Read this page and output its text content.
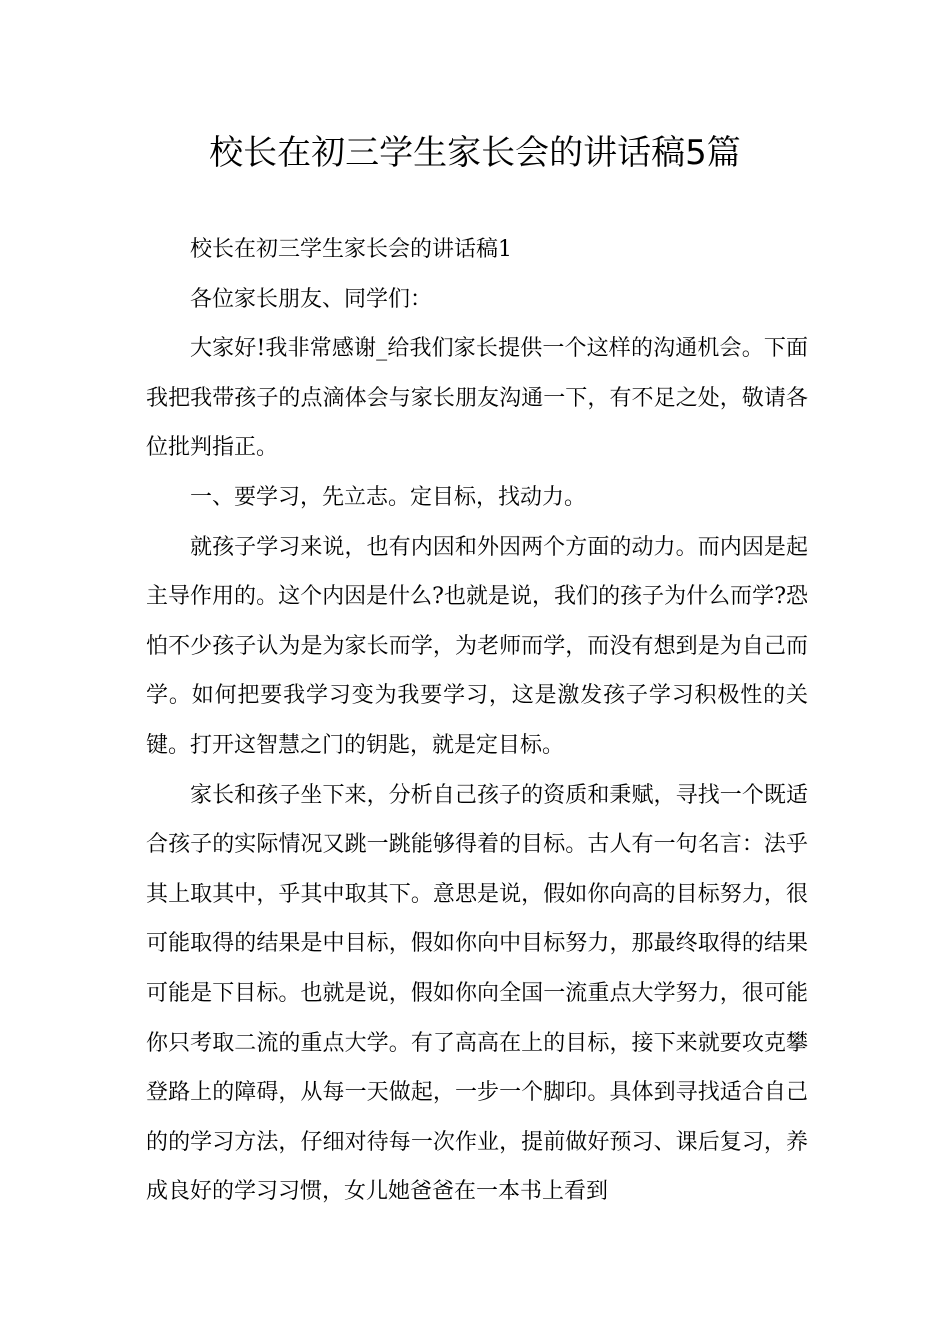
校长在初三学生家长会的讲话稿5篇

校长在初三学生家长会的讲话稿1

各位家长朋友、同学们：

大家好!我非常感谢_给我们家长提供一个这样的沟通机会。下面我把我带孩子的点滴体会与家长朋友沟通一下，有不足之处，敬请各位批判指正。

一、要学习，先立志。定目标，找动力。

就孩子学习来说，也有内因和外因两个方面的动力。而内因是起主导作用的。这个内因是什么?也就是说，我们的孩子为什么而学?恐怕不少孩子认为是为家长而学，为老师而学，而没有想到是为自己而学。如何把要我学习变为我要学习，这是激发孩子学习积极性的关键。打开这智慧之门的钥匙，就是定目标。

家长和孩子坐下来，分析自己孩子的资质和秉赋，寻找一个既适合孩子的实际情况又跳一跳能够得着的目标。古人有一句名言：法乎其上取其中，乎其中取其下。意思是说，假如你向高的目标努力，很可能取得的结果是中目标，假如你向中目标努力，那最终取得的结果可能是下目标。也就是说，假如你向全国一流重点大学努力，很可能你只考取二流的重点大学。有了高高在上的目标，接下来就要攻克攀登路上的障碍，从每一天做起，一步一个脚印。具体到寻找适合自己的的学习方法，仔细对待每一次作业，提前做好预习、课后复习，养成良好的学习习惯，女儿她爸爸在一本书上看到
